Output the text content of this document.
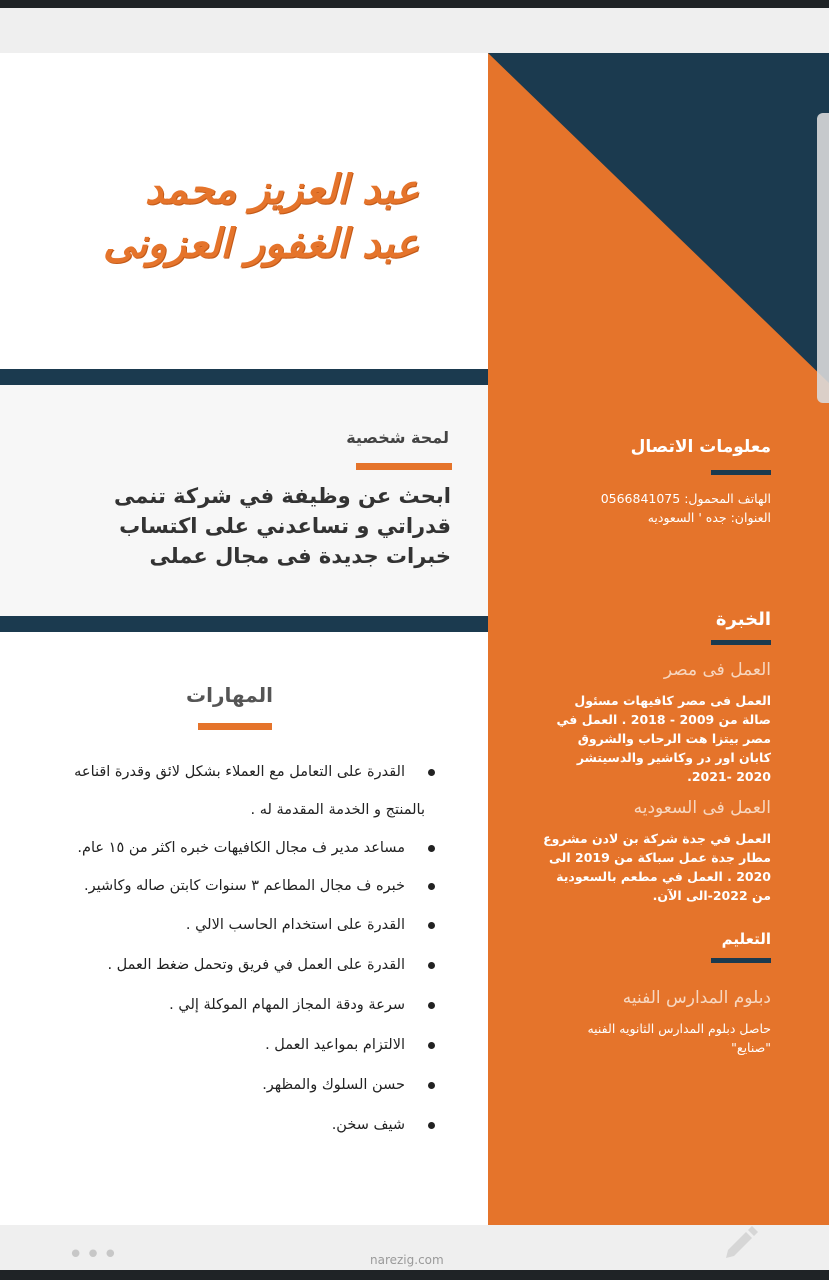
عبد العزيز محمد
عبد الغفور العزونى
لمحة شخصية
ابحث عن وظيفة في شركة تنمى
قدراتي و تساعدني على اكتساب
خبرات جديدة فى مجال عملى
المهارات
القدرة على التعامل مع العملاء بشكل لائق وقدرة اقناعه
بالمنتج و الخدمة المقدمة له .
مساعد مدير ف مجال الكافيهات خبره اكثر من ١٥ عام.
خبره ف مجال المطاعم ٣ سنوات كابتن صاله وكاشير.
القدرة على استخدام الحاسب الالي .
القدرة على العمل في فريق وتحمل ضغط العمل .
سرعة ودقة المجاز المهام الموكلة إلي .
الالتزام بمواعيد العمل .
حسن السلوك والمظهر.
شيف سخن.
معلومات الاتصال
الهاتف المحمول: 0566841075
العنوان: جده ' السعوديه
الخبرة
العمل فى مصر
العمل فى مصر كافيهات مسئول
صالة من 2009 - 2018 . العمل في
مصر بيتزا هت الرحاب والشروق
كابان اور در وكاشير والدسيتشر
2020 -2021.
العمل فى السعوديه
العمل في جدة شركة بن لادن مشروع
مطار جدة عمل سباكة من 2019 الى
2020 . العمل في مطعم بالسعودية
من 2022-الى الآن.
التعليم
دبلوم المدارس الفنيه
حاصل دبلوم المدارس الثانويه الفنيه
"صنايع"
•••	narezig.com
